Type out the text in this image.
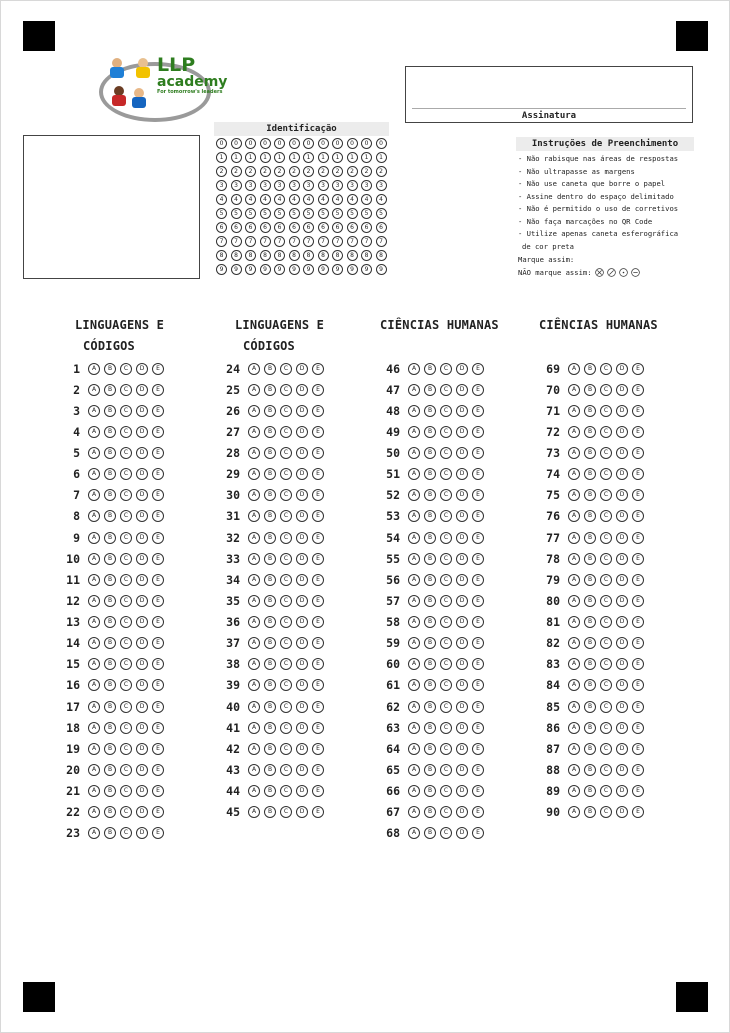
LLP
academy
For tomorrow's leaders
Assinatura
Identificação
0	0	0	0	0	0	0	0	0	0	0	0
1	1	1	1	1	1	1	1	1	1	1	1
2	2	2	2	2	2	2	2	2	2	2	2
3	3	3	3	3	3	3	3	3	3	3	3
4	4	4	4	4	4	4	4	4	4	4	4
5	5	5	5	5	5	5	5	5	5	5	5
6	6	6	6	6	6	6	6	6	6	6	6
7	7	7	7	7	7	7	7	7	7	7	7
8	8	8	8	8	8	8	8	8	8	8	8
9	9	9	9	9	9	9	9	9	9	9	9
Instruções de Preenchimento
- Não rabisque nas áreas de respostas
- Não ultrapasse as margens
- Não use caneta que borre o papel
- Assine dentro do espaço delimitado
- Não é permitido o uso de corretivos
- Não faça marcações no QR Code
- Utilize apenas caneta esferográfica
de cor preta
Marque assim:
NÃO marque assim:
LINGUAGENS E
CÓDIGOS
LINGUAGENS E
CÓDIGOS
CIÊNCIAS HUMANAS	CIÊNCIAS HUMANAS
1	A	B	C	D	E
2	A	B	C	D	E
3	A	B	C	D	E
4	A	B	C	D	E
5	A	B	C	D	E
6	A	B	C	D	E
7	A	B	C	D	E
8	A	B	C	D	E
9	A	B	C	D	E
10	A	B	C	D	E
11	A	B	C	D	E
12	A	B	C	D	E
13	A	B	C	D	E
14	A	B	C	D	E
15	A	B	C	D	E
16	A	B	C	D	E
17	A	B	C	D	E
18	A	B	C	D	E
19	A	B	C	D	E
20	A	B	C	D	E
21	A	B	C	D	E
22	A	B	C	D	E
23	A	B	C	D	E
24	A	B	C	D	E
25	A	B	C	D	E
26	A	B	C	D	E
27	A	B	C	D	E
28	A	B	C	D	E
29	A	B	C	D	E
30	A	B	C	D	E
31	A	B	C	D	E
32	A	B	C	D	E
33	A	B	C	D	E
34	A	B	C	D	E
35	A	B	C	D	E
36	A	B	C	D	E
37	A	B	C	D	E
38	A	B	C	D	E
39	A	B	C	D	E
40	A	B	C	D	E
41	A	B	C	D	E
42	A	B	C	D	E
43	A	B	C	D	E
44	A	B	C	D	E
45	A	B	C	D	E
46	A	B	C	D	E
47	A	B	C	D	E
48	A	B	C	D	E
49	A	B	C	D	E
50	A	B	C	D	E
51	A	B	C	D	E
52	A	B	C	D	E
53	A	B	C	D	E
54	A	B	C	D	E
55	A	B	C	D	E
56	A	B	C	D	E
57	A	B	C	D	E
58	A	B	C	D	E
59	A	B	C	D	E
60	A	B	C	D	E
61	A	B	C	D	E
62	A	B	C	D	E
63	A	B	C	D	E
64	A	B	C	D	E
65	A	B	C	D	E
66	A	B	C	D	E
67	A	B	C	D	E
68	A	B	C	D	E
69	A	B	C	D	E
70	A	B	C	D	E
71	A	B	C	D	E
72	A	B	C	D	E
73	A	B	C	D	E
74	A	B	C	D	E
75	A	B	C	D	E
76	A	B	C	D	E
77	A	B	C	D	E
78	A	B	C	D	E
79	A	B	C	D	E
80	A	B	C	D	E
81	A	B	C	D	E
82	A	B	C	D	E
83	A	B	C	D	E
84	A	B	C	D	E
85	A	B	C	D	E
86	A	B	C	D	E
87	A	B	C	D	E
88	A	B	C	D	E
89	A	B	C	D	E
90	A	B	C	D	E
